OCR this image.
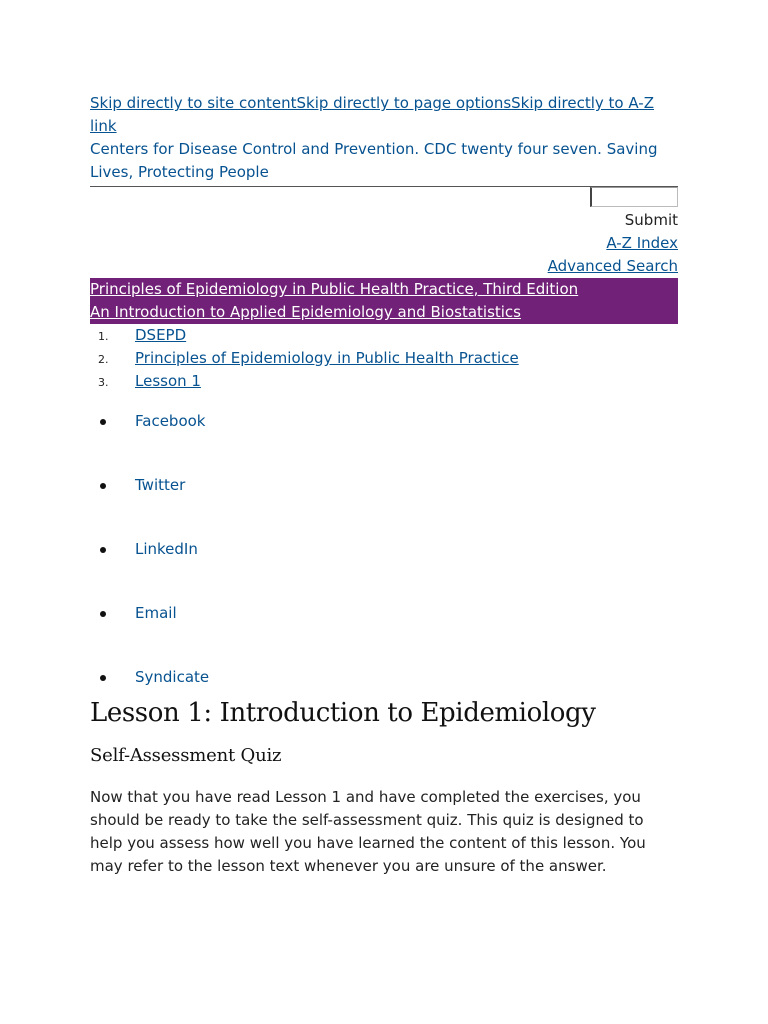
Skip directly to site contentSkip directly to page optionsSkip directly to A-Z link
Centers for Disease Control and Prevention. CDC twenty four seven. Saving Lives, Protecting People
Submit
A-Z Index
Advanced Search
Principles of Epidemiology in Public Health Practice, Third Edition
An Introduction to Applied Epidemiology and Biostatistics
1. DSEPD
2. Principles of Epidemiology in Public Health Practice
3. Lesson 1
Facebook
Twitter
LinkedIn
Email
Syndicate
Lesson 1: Introduction to Epidemiology
Self-Assessment Quiz

Now that you have read Lesson 1 and have completed the exercises, you should be ready to take the self-assessment quiz. This quiz is designed to help you assess how well you have learned the content of this lesson. You may refer to the lesson text whenever you are unsure of the answer.
